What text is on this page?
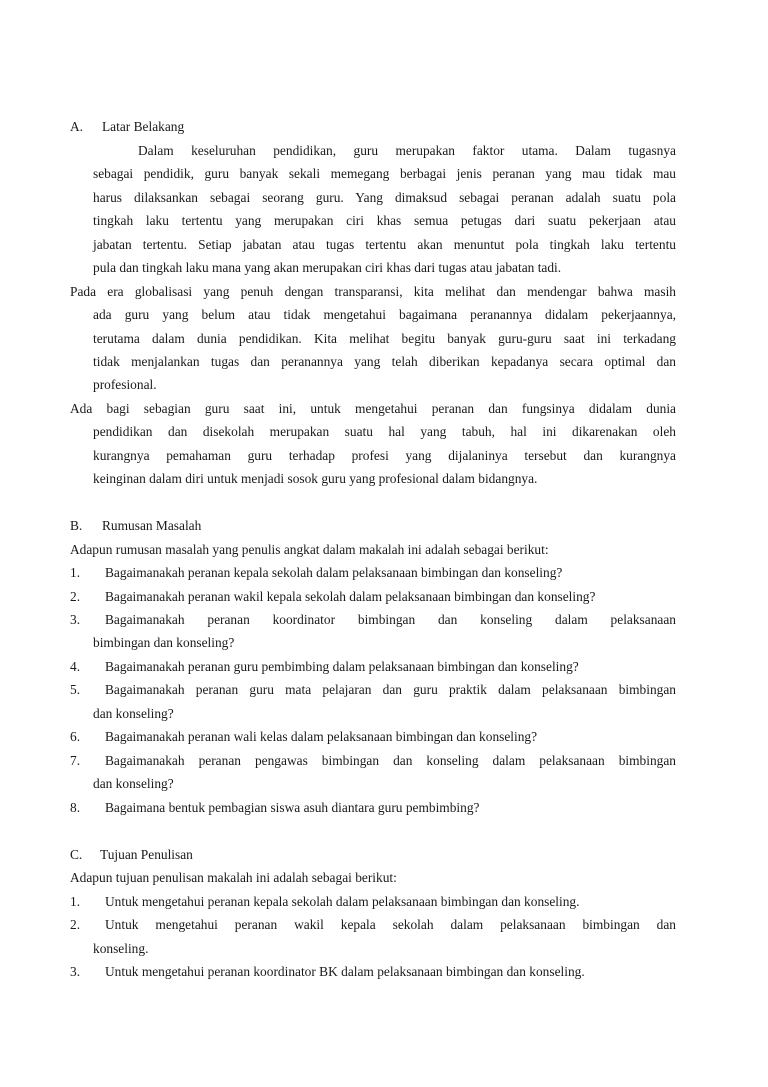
A. Latar Belakang
Dalam keseluruhan pendidikan, guru merupakan faktor utama. Dalam tugasnya
sebagai pendidik, guru banyak sekali memegang berbagai jenis peranan yang mau tidak mau
harus dilaksankan sebagai seorang guru. Yang dimaksud sebagai peranan adalah suatu pola
tingkah laku tertentu yang merupakan ciri khas semua petugas dari suatu pekerjaan atau
jabatan tertentu. Setiap jabatan atau tugas tertentu akan menuntut pola tingkah laku tertentu
pula dan tingkah laku mana yang akan merupakan ciri khas dari tugas atau jabatan tadi.
Pada era globalisasi yang penuh dengan transparansi, kita melihat dan mendengar bahwa masih
ada guru yang belum atau tidak mengetahui bagaimana peranannya didalam pekerjaannya,
terutama dalam dunia pendidikan. Kita melihat begitu banyak guru-guru saat ini terkadang
tidak menjalankan tugas dan peranannya yang telah diberikan kepadanya secara optimal dan
profesional.
Ada bagi sebagian guru saat ini, untuk mengetahui peranan dan fungsinya didalam dunia
pendidikan dan disekolah merupakan suatu hal yang tabuh, hal ini dikarenakan oleh
kurangnya pemahaman guru terhadap profesi yang dijalaninya tersebut dan kurangnya
keinginan dalam diri untuk menjadi sosok guru yang profesional dalam bidangnya.
B. Rumusan Masalah
Adapun rumusan masalah yang penulis angkat dalam makalah ini adalah sebagai berikut:
1. Bagaimanakah peranan kepala sekolah dalam pelaksanaan bimbingan dan konseling?
2. Bagaimanakah peranan wakil kepala sekolah dalam pelaksanaan bimbingan dan konseling?
3. Bagaimanakah peranan koordinator bimbingan dan konseling dalam pelaksanaan
bimbingan dan konseling?
4. Bagaimanakah peranan guru pembimbing dalam pelaksanaan bimbingan dan konseling?
5. Bagaimanakah peranan guru mata pelajaran dan guru praktik dalam pelaksanaan bimbingan
dan konseling?
6. Bagaimanakah peranan wali kelas dalam pelaksanaan bimbingan dan konseling?
7. Bagaimanakah peranan pengawas bimbingan dan konseling dalam pelaksanaan bimbingan
dan konseling?
8. Bagaimana bentuk pembagian siswa asuh diantara guru pembimbing?
C. Tujuan Penulisan
Adapun tujuan penulisan makalah ini adalah sebagai berikut:
1. Untuk mengetahui peranan kepala sekolah dalam pelaksanaan bimbingan dan konseling.
2. Untuk mengetahui peranan wakil kepala sekolah dalam pelaksanaan bimbingan dan
konseling.
3. Untuk mengetahui peranan koordinator BK dalam pelaksanaan bimbingan dan konseling.
